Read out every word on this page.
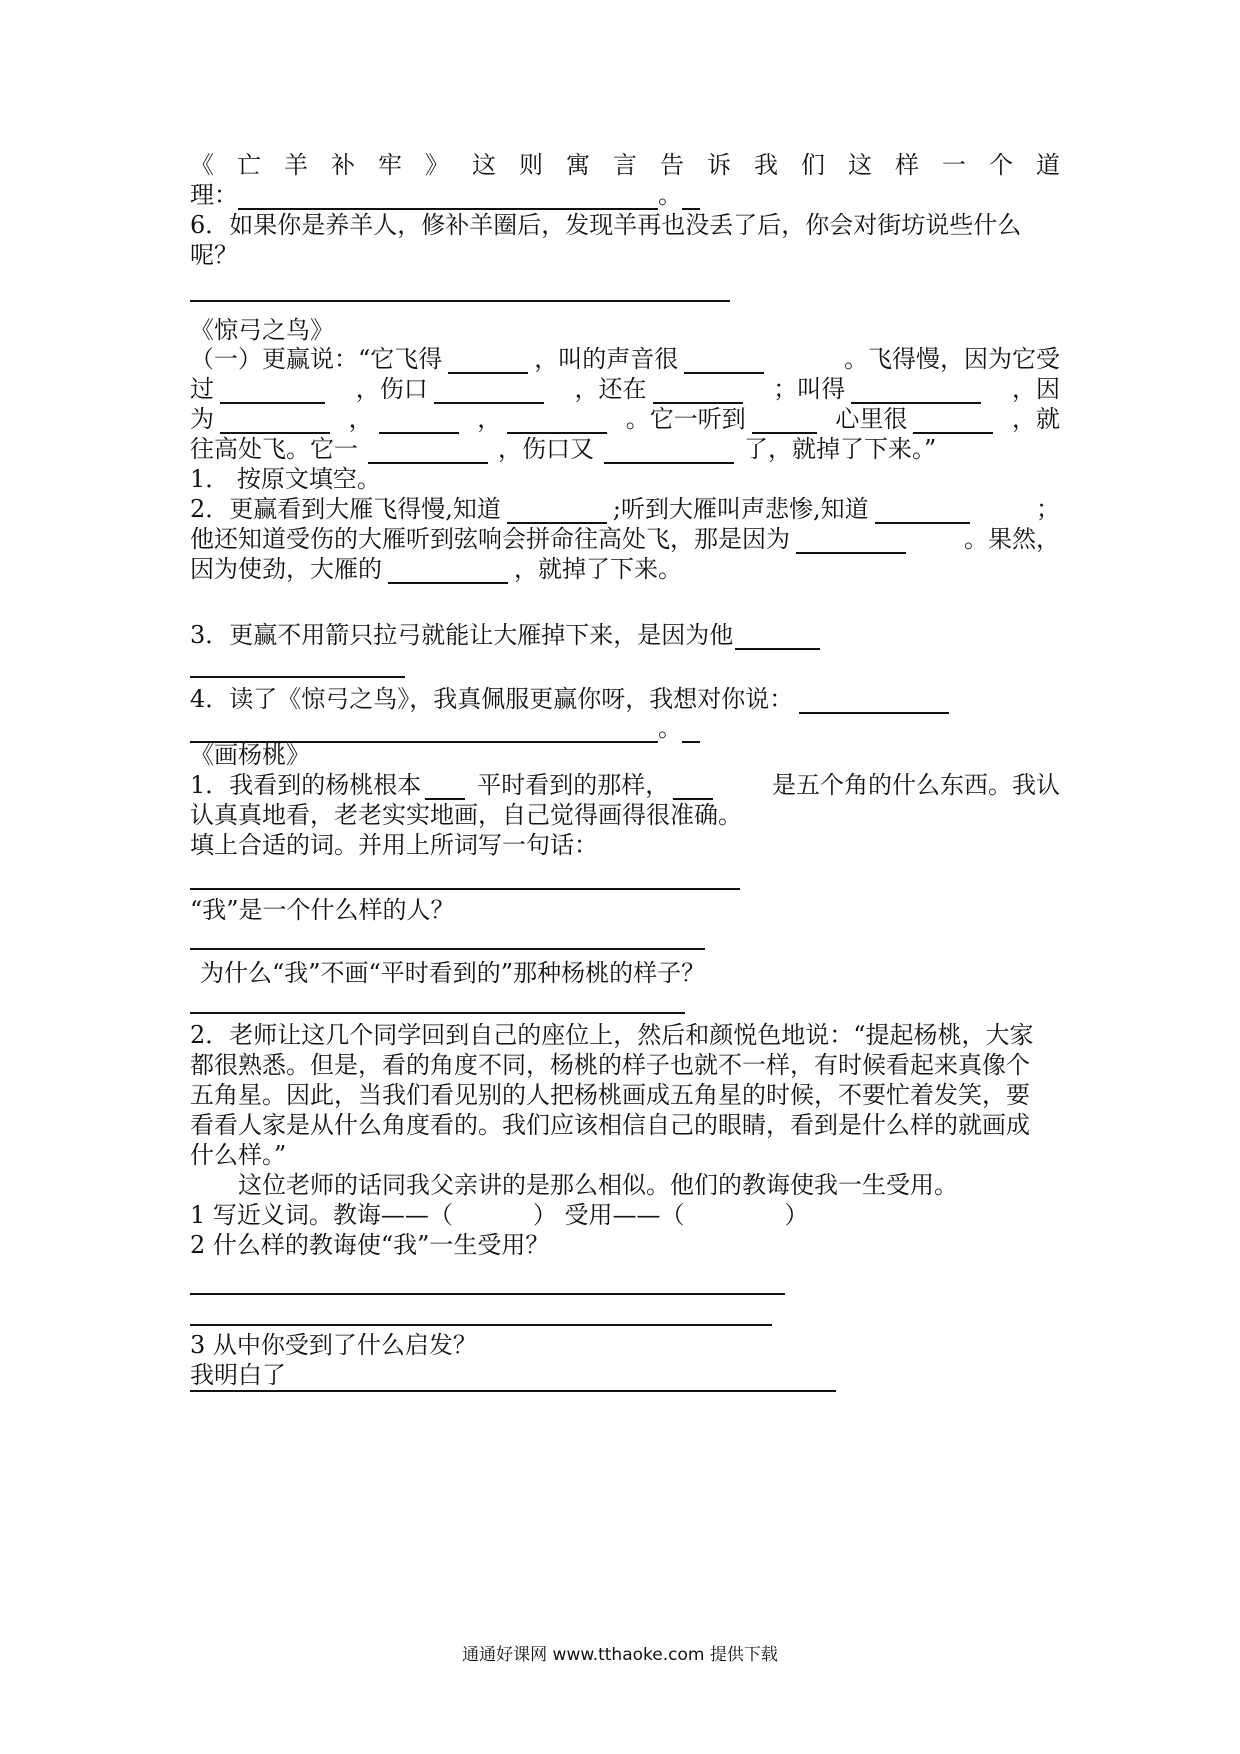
《 亡 羊 补 牢 》 这 则 寓 言 告 诉 我 们 这 样 一 个 道
理：	。
6．如果你是养羊人，修补羊圈后，发现羊再也没丢了后，你会对街坊说些什么
呢？
《惊弓之鸟》
（一）更赢说：“它飞得	，叫的声音很	。飞得慢，因为它受
过	，伤口	，还在	；叫得	，因
为	，	，	。它一听到	心里很	，就
往高处飞。它一	，伤口又	了，就掉了下来。”
1． 按原文填空。
2．更赢看到大雁飞得慢,知道	;听到大雁叫声悲惨,知道	；
他还知道受伤的大雁听到弦响会拼命往高处飞，那是因为	。果然，
因为使劲，大雁的	，就掉了下来。
3．更赢不用箭只拉弓就能让大雁掉下来，是因为他
4．读了《惊弓之鸟》，我真佩服更赢你呀，我想对你说：
。
《画杨桃》
1．我看到的杨桃根本 平时看到的那样，	是五个角的什么东西。我认
认真真地看，老老实实地画，自己觉得画得很准确。
填上合适的词。并用上所词写一句话：
“我”是一个什么样的人？
为什么“我”不画“平时看到的”那种杨桃的样子？
2．老师让这几个同学回到自己的座位上，然后和颜悦色地说：“提起杨桃，大家
都很熟悉。但是，看的角度不同，杨桃的样子也就不一样，有时候看起来真像个
五角星。因此，当我们看见别的人把杨桃画成五角星的时候，不要忙着发笑，要
看看人家是从什么角度看的。我们应该相信自己的眼睛，看到是什么样的就画成
什么样。”
这位老师的话同我父亲讲的是那么相似。他们的教诲使我一生受用。
1 写近义词。教诲——（	） 受用——（	）
2 什么样的教诲使“我”一生受用？
3 从中你受到了什么启发？
我明白了
通通好课网 www.tthaoke.com 提供下载
